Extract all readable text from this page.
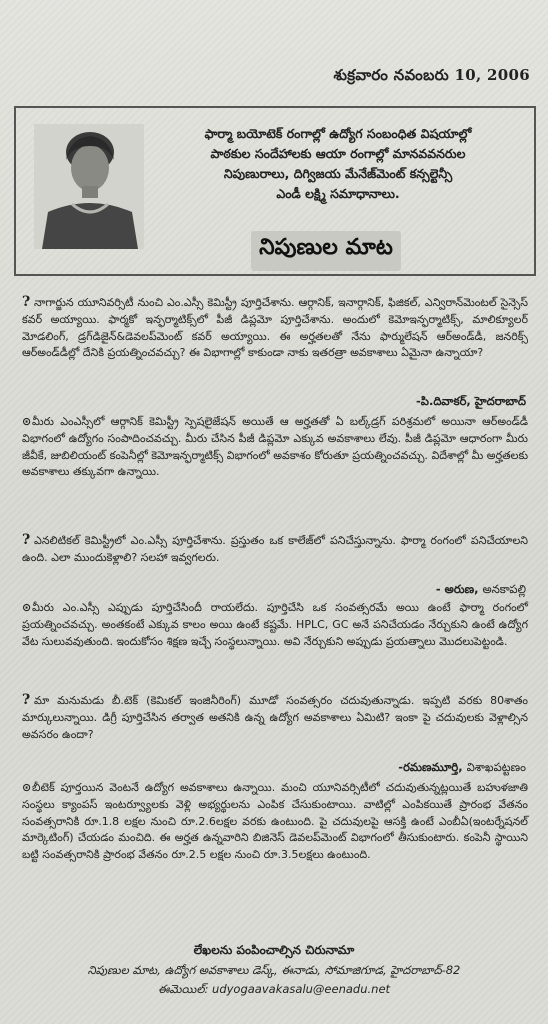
శుక్రవారం నవంబరు 10, 2006
ఫార్మా బయోటెక్ రంగాల్లో ఉద్యోగ సంబంధిత విషయాల్లో
పాఠకుల సందేహాలకు ఆయా రంగాల్లో మానవవనరుల
నిపుణురాలు, దిగ్విజయ మేనేజ్‌మెంట్ కన్సల్టెన్సీ
ఎండీ లక్ష్మి సమాధానాలు.
నిపుణుల మాట
? నాగార్జున యూనివర్సిటీ నుంచి ఎం.ఎస్సీ కెమిస్ట్రీ పూర్తిచేశాను. ఆర్గానిక్, ఇనార్గానిక్, ఫిజికల్, ఎన్విరాన్‌మెంటల్ సైన్సెస్ కవర్ అయ్యాయి. ఫార్మకో ఇన్ఫర్మాటిక్స్‌లో పీజీ డిప్లమో పూర్తిచేశాను. అందులో కెమోఇన్ఫర్మాటిక్స్, మాలిక్యూలర్ మోడలింగ్, డ్రగ్‌డిజైన్&డెవలప్‌మెంట్ కవర్ అయ్యాయి. ఈ అర్హతలతో నేను ఫార్ములేషన్ ఆర్‌అండ్‌డీ, జనరిక్స్ ఆర్‌అండ్‌డీల్లో దేనికి ప్రయత్నించవచ్చు? ఈ విభాగాల్లో కాకుండా నాకు ఇతరత్రా అవకాశాలు ఏమైనా ఉన్నాయా?
-పి.దివాకర్, హైదరాబాద్
⊙మీరు ఎంఎస్సీలో ఆర్గానిక్ కెమిస్ట్రీ స్పెషలైజేషన్ అయితే ఆ అర్హతతో ఏ బల్క్‌డ్రగ్ పరిశ్రమలో అయినా ఆర్‌అండ్‌డీ విభాగంలో ఉద్యోగం సంపాదించవచ్చు. మీరు చేసిన పీజీ డిప్లమో ఎక్కువ అవకాశాలు లేవు. పీజీ డిప్లమో ఆధారంగా మీరు జీవీకే, జుబిలియంట్ కంపెనీల్లో కెమోఇన్ఫర్మాటిక్స్ విభాగంలో అవకాశం కోరుతూ ప్రయత్నించవచ్చు. విదేశాల్లో మీ అర్హతలకు అవకాశాలు తక్కువగా ఉన్నాయి.
? ఎనలిటికల్ కెమిస్ట్రీలో ఎం.ఎస్సీ పూర్తిచేశాను. ప్రస్తుతం ఒక కాలేజ్‌లో పనిచేస్తున్నాను. ఫార్మా రంగంలో పనిచేయాలని ఉంది. ఎలా ముందుకెళ్లాలి? సలహా ఇవ్వగలరు.
- అరుణ, అనకాపల్లి
⊙మీరు ఎం.ఎస్సీ ఎప్పుడు పూర్తిచేసిందీ రాయలేదు. పూర్తిచేసి ఒక సంవత్సరమే అయి ఉంటే ఫార్మా రంగంలో ప్రయత్నించవచ్చు. అంతకంటే ఎక్కువ కాలం అయి ఉంటే కష్టమే. HPLC, GC అనే పనిచేయడం నేర్చుకుని ఉంటే ఉద్యోగ వేట సులువవుతుంది. ఇందుకోసం శిక్షణ ఇచ్చే సంస్థలున్నాయి. అవి నేర్చుకుని అప్పుడు ప్రయత్నాలు మొదలుపెట్టండి.
? మా మనుమడు బీ.టెక్ (కెమికల్ ఇంజినీరింగ్) మూడో సంవత్సరం చదువుతున్నాడు. ఇప్పటి వరకు 80శాతం మార్కులున్నాయి. డిగ్రీ పూర్తిచేసిన తర్వాత అతనికి ఉన్న ఉద్యోగ అవకాశాలు ఏమిటి? ఇంకా పై చదువులకు వెళ్లాల్సిన అవసరం ఉందా?
-రమణమూర్తి, విశాఖపట్టణం
⊙బీటెక్ పూర్తయిన వెంటనే ఉద్యోగ అవకాశాలు ఉన్నాయి. మంచి యూనివర్సిటీలో చదువుతున్నట్లయితే బహుళజాతి సంస్థలు క్యాంపస్ ఇంటర్వ్యూలకు వెళ్లి అభ్యర్థులను ఎంపిక చేసుకుంటాయి. వాటిల్లో ఎంపికయితే ప్రారంభ వేతనం సంవత్సరానికి రూ.1.8 లక్షల నుంచి రూ.2.6లక్షల వరకు ఉంటుంది. పై చదువులపై ఆసక్తి ఉంటే ఎంబీఏ(ఇంటర్నేషనల్ మార్కెటింగ్) చేయడం మంచిది. ఈ అర్హత ఉన్నవారిని బిజినెస్ డెవలప్‌మెంట్ విభాగంలో తీసుకుంటారు. కంపెనీ స్థాయిని బట్టి సంవత్సరానికి ప్రారంభ వేతనం రూ.2.5 లక్షల నుంచి రూ.3.5లక్షలు ఉంటుంది.
లేఖలను పంపించాల్సిన చిరునామా
నిపుణుల మాట, ఉద్యోగ అవకాశాలు డెస్క్, ఈనాడు, సోమాజిగూడ, హైదరాబాద్-82
ఈమెయిల్: udyogaavakasalu@eenadu.net
